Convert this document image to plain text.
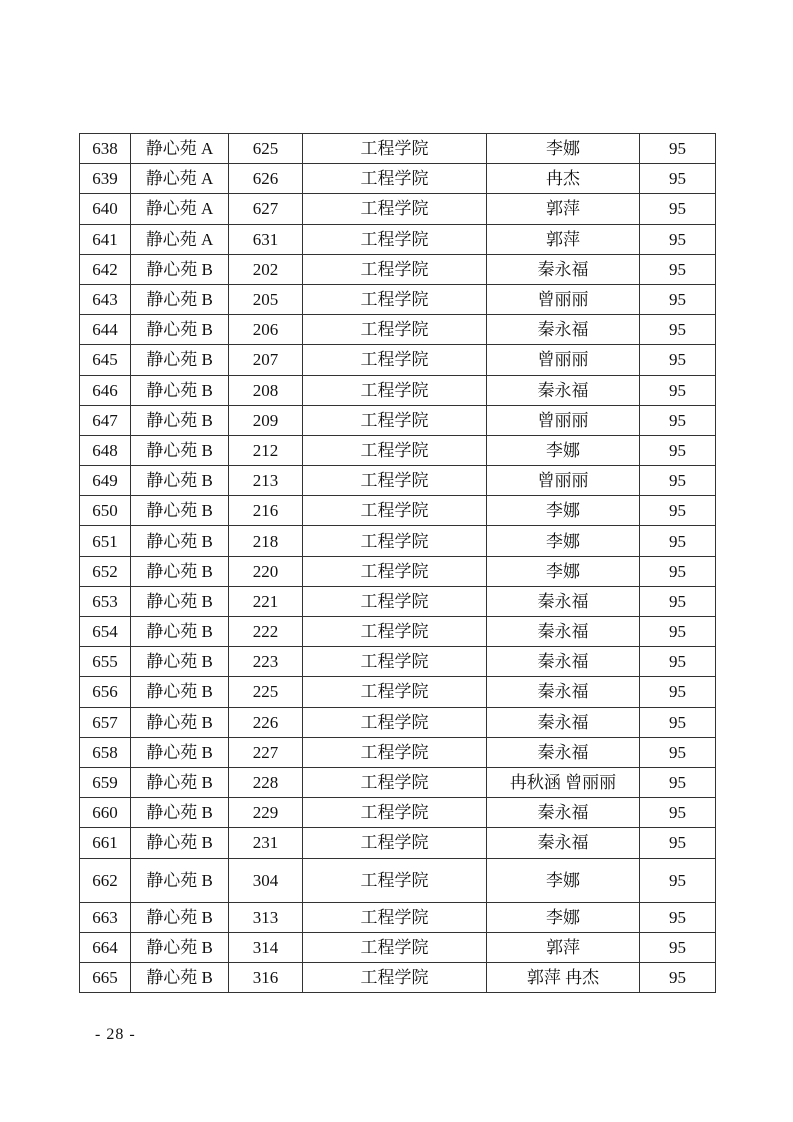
638	静心苑 A	625	工程学院	李娜	95
639	静心苑 A	626	工程学院	冉杰	95
640	静心苑 A	627	工程学院	郭萍	95
641	静心苑 A	631	工程学院	郭萍	95
642	静心苑 B	202	工程学院	秦永福	95
643	静心苑 B	205	工程学院	曾丽丽	95
644	静心苑 B	206	工程学院	秦永福	95
645	静心苑 B	207	工程学院	曾丽丽	95
646	静心苑 B	208	工程学院	秦永福	95
647	静心苑 B	209	工程学院	曾丽丽	95
648	静心苑 B	212	工程学院	李娜	95
649	静心苑 B	213	工程学院	曾丽丽	95
650	静心苑 B	216	工程学院	李娜	95
651	静心苑 B	218	工程学院	李娜	95
652	静心苑 B	220	工程学院	李娜	95
653	静心苑 B	221	工程学院	秦永福	95
654	静心苑 B	222	工程学院	秦永福	95
655	静心苑 B	223	工程学院	秦永福	95
656	静心苑 B	225	工程学院	秦永福	95
657	静心苑 B	226	工程学院	秦永福	95
658	静心苑 B	227	工程学院	秦永福	95
659	静心苑 B	228	工程学院	冉秋涵 曾丽丽	95
660	静心苑 B	229	工程学院	秦永福	95
661	静心苑 B	231	工程学院	秦永福	95
662	静心苑 B	304	工程学院	李娜	95
663	静心苑 B	313	工程学院	李娜	95
664	静心苑 B	314	工程学院	郭萍	95
665	静心苑 B	316	工程学院	郭萍 冉杰	95
- 28 -
